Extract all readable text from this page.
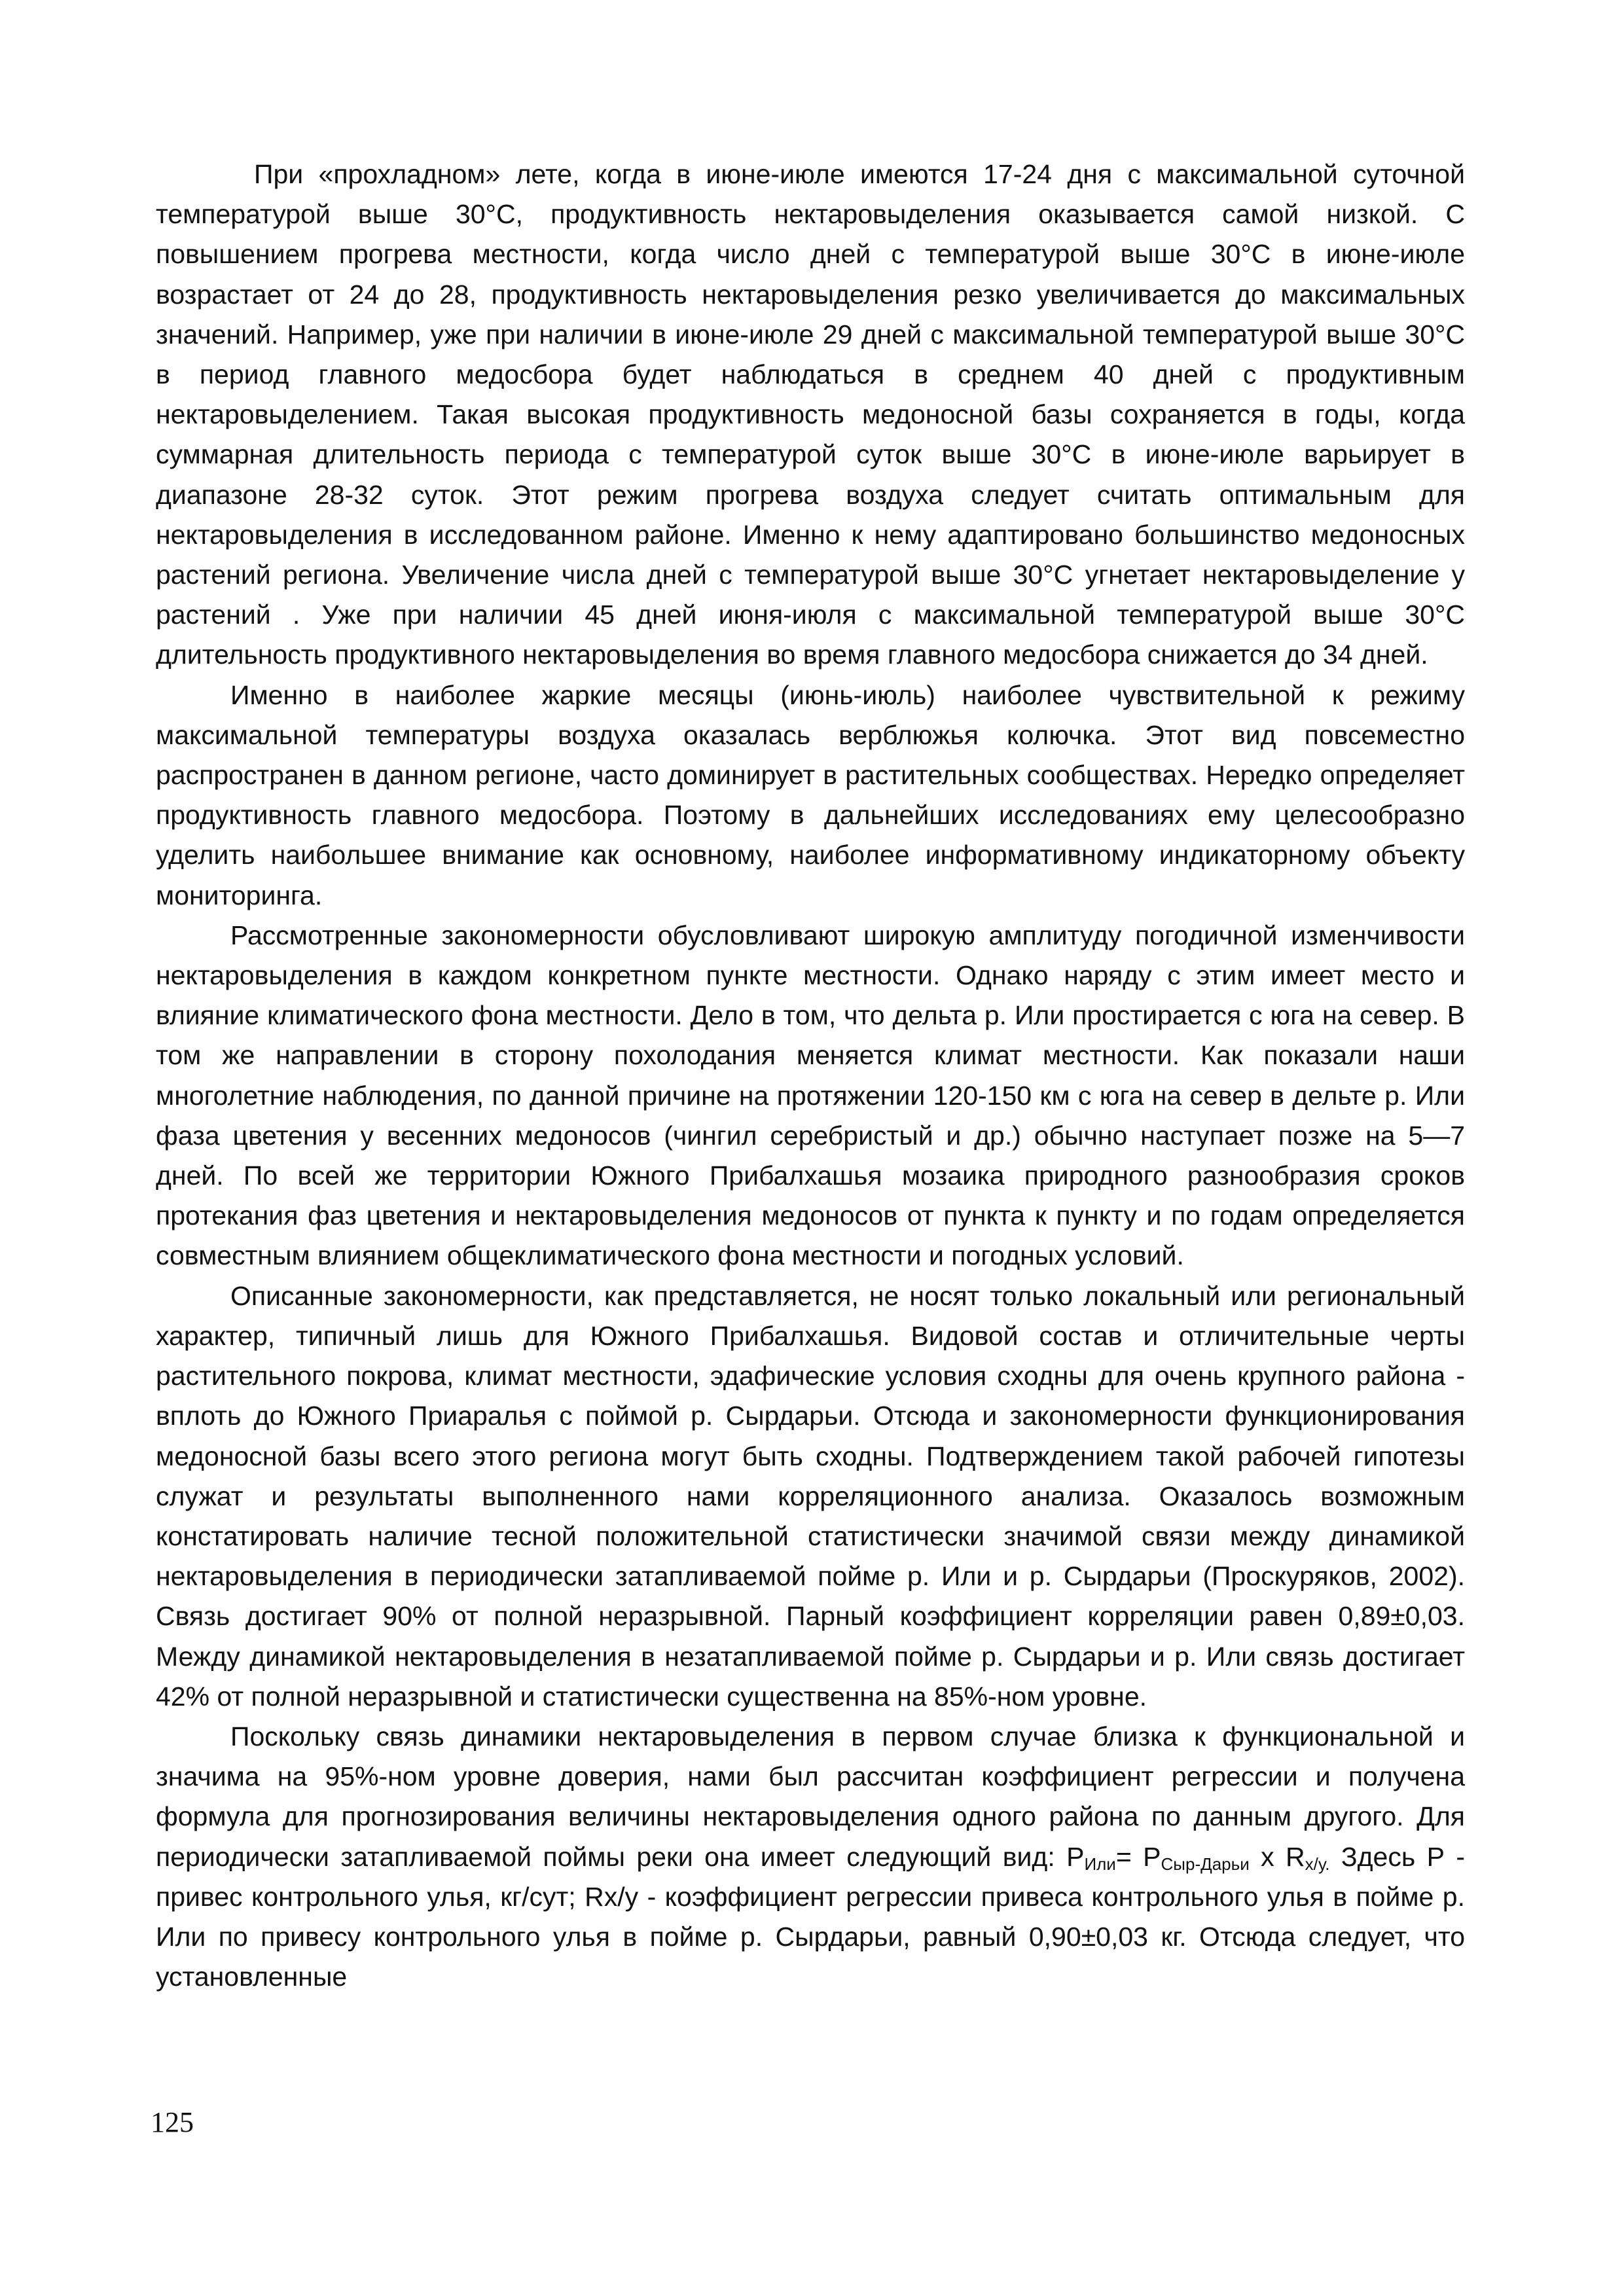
При «прохладном» лете, когда в июне-июле имеются 17-24 дня с максимальной суточной температурой выше 30°С, продуктивность нектаровыделения оказывается самой низкой. С повышением прогрева местности, когда число дней с температурой выше 30°С в июне-июле возрастает от 24 до 28, продуктивность нектаровыделения резко увеличивается до максимальных значений. Например, уже при наличии в июне-июле 29 дней с максимальной температурой выше 30°С в период главного медосбора будет наблюдаться в среднем 40 дней с продуктивным нектаровыделением. Такая высокая продуктивность медоносной базы сохраняется в годы, когда суммарная длительность периода с температурой суток выше 30°С в июне-июле варьирует в диапазоне 28-32 суток. Этот режим прогрева воздуха следует считать оптимальным для нектаровыделения в исследованном районе. Именно к нему адаптировано большинство медоносных растений региона. Увеличение числа дней с температурой выше 30°С угнетает нектаровыделение у растений . Уже при наличии 45 дней июня-июля с максимальной температурой выше 30°С длительность продуктивного нектаровыделения во время главного медосбора снижается до 34 дней.

Именно в наиболее жаркие месяцы (июнь-июль) наиболее чувствительной к режиму максимальной температуры воздуха оказалась верблюжья колючка. Этот вид повсеместно распространен в данном регионе, часто доминирует в растительных сообществах. Нередко определяет продуктивность главного медосбора. Поэтому в дальнейших исследованиях ему целесообразно уделить наибольшее внимание как основному, наиболее информативному индикаторному объекту мониторинга.

Рассмотренные закономерности обусловливают широкую амплитуду погодичной изменчивости нектаровыделения в каждом конкретном пункте местности. Однако наряду с этим имеет место и влияние климатического фона местности. Дело в том, что дельта р. Или простирается с юга на север. В том же направлении в сторону похолодания меняется климат местности. Как показали наши многолетние наблюдения, по данной причине на протяжении 120-150 км с юга на север в дельте р. Или фаза цветения у весенних медоносов (чингил серебристый и др.) обычно наступает позже на 5—7 дней. По всей же территории Южного Прибалхашья мозаика природного разнообразия сроков протекания фаз цветения и нектаровыделения медоносов от пункта к пункту и по годам определяется совместным влиянием общеклиматического фона местности и погодных условий.

Описанные закономерности, как представляется, не носят только локальный или региональный характер, типичный лишь для Южного Прибалхашья. Видовой состав и отличительные черты растительного покрова, климат местности, эдафические условия сходны для очень крупного района - вплоть до Южного Приаралья с поймой р. Сырдарьи. Отсюда и закономерности функционирования медоносной базы всего этого региона могут быть сходны. Подтверждением такой рабочей гипотезы служат и результаты выполненного нами корреляционного анализа. Оказалось возможным констатировать наличие тесной положительной статистически значимой связи между динамикой нектаровыделения в периодически затапливаемой пойме р. Или и р. Сырдарьи (Проскуряков, 2002). Связь достигает 90% от полной неразрывной. Парный коэффициент корреляции равен 0,89±0,03. Между динамикой нектаровыделения в незатапливаемой пойме р. Сырдарьи и р. Или связь достигает 42% от полной неразрывной и статистически существенна на 85%-ном уровне.

Поскольку связь динамики нектаровыделения в первом случае близка к функциональной и значима на 95%-ном уровне доверия, нами был рассчитан коэффициент регрессии и получена формула для прогнозирования величины нектаровыделения одного района по данным другого. Для периодически затапливаемой поймы реки она имеет следующий вид: $Р_{Или}= Р_{Сыр-Дарьи}$ х $R_{х/у.}$ Здесь Р - привес контрольного улья, кг/сут; Rх/у - коэффициент регрессии привеса контрольного улья в пойме р. Или по привесу контрольного улья в пойме р. Сырдарьи, равный 0,90±0,03 кг. Отсюда следует, что установленные

125
